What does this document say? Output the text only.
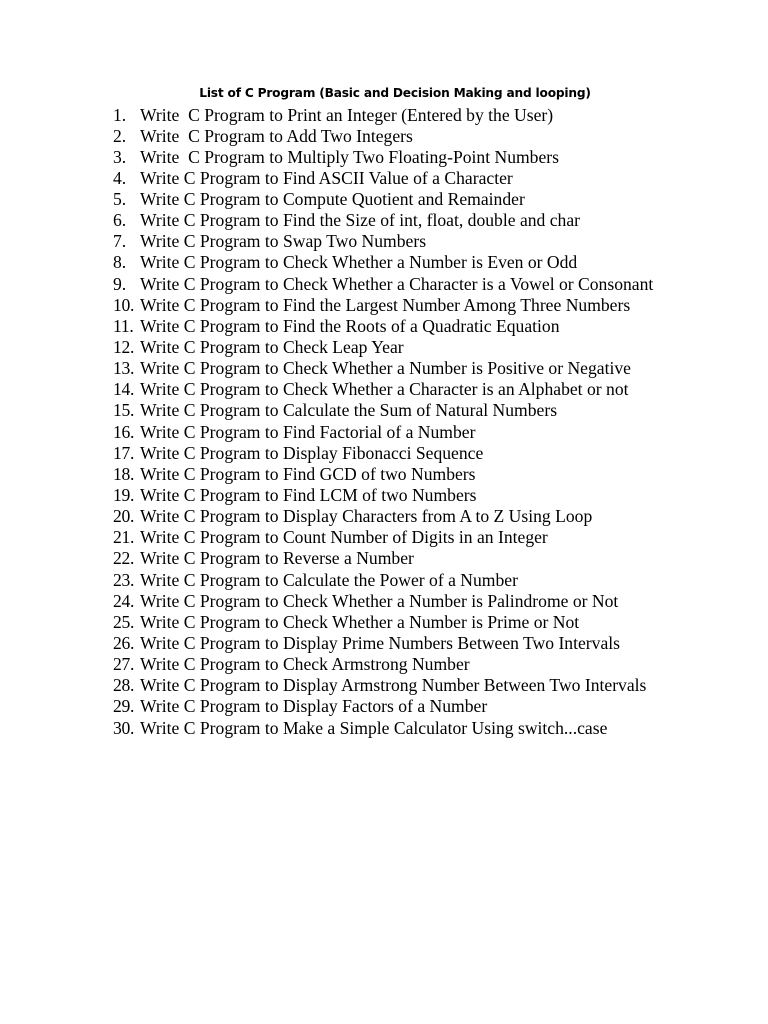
List of C Program (Basic and Decision Making and looping)
1. Write  C Program to Print an Integer (Entered by the User)
2. Write  C Program to Add Two Integers
3. Write  C Program to Multiply Two Floating-Point Numbers
4. Write C Program to Find ASCII Value of a Character
5. Write C Program to Compute Quotient and Remainder
6. Write C Program to Find the Size of int, float, double and char
7. Write C Program to Swap Two Numbers
8. Write C Program to Check Whether a Number is Even or Odd
9. Write C Program to Check Whether a Character is a Vowel or Consonant
10. Write C Program to Find the Largest Number Among Three Numbers
11. Write C Program to Find the Roots of a Quadratic Equation
12. Write C Program to Check Leap Year
13. Write C Program to Check Whether a Number is Positive or Negative
14. Write C Program to Check Whether a Character is an Alphabet or not
15. Write C Program to Calculate the Sum of Natural Numbers
16. Write C Program to Find Factorial of a Number
17. Write C Program to Display Fibonacci Sequence
18. Write C Program to Find GCD of two Numbers
19. Write C Program to Find LCM of two Numbers
20. Write C Program to Display Characters from A to Z Using Loop
21. Write C Program to Count Number of Digits in an Integer
22. Write C Program to Reverse a Number
23. Write C Program to Calculate the Power of a Number
24. Write C Program to Check Whether a Number is Palindrome or Not
25. Write C Program to Check Whether a Number is Prime or Not
26. Write C Program to Display Prime Numbers Between Two Intervals
27. Write C Program to Check Armstrong Number
28. Write C Program to Display Armstrong Number Between Two Intervals
29. Write C Program to Display Factors of a Number
30. Write C Program to Make a Simple Calculator Using switch...case
